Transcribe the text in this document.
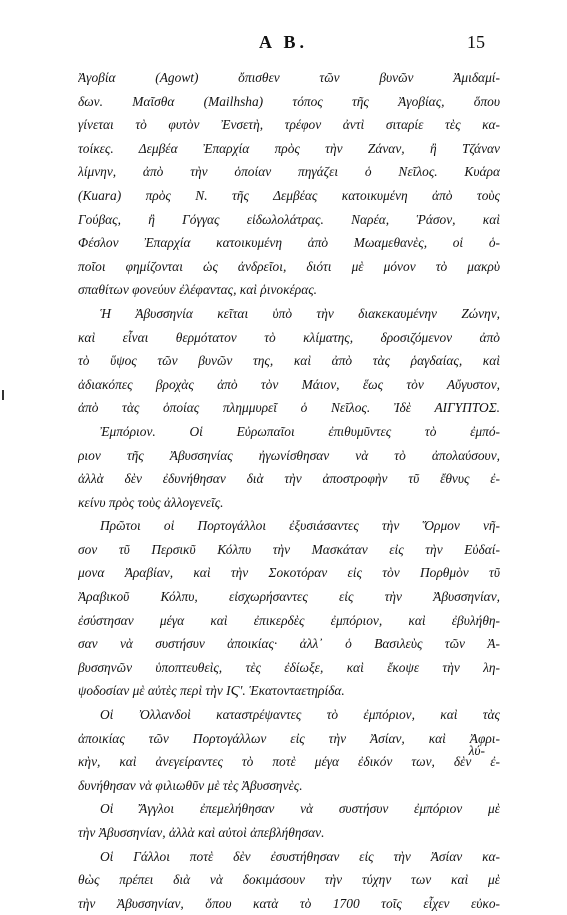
Α Β.	15
Ἀγοβία (Agowt) ὄπισθεν τῶν βυνῶν Ἀμιδαμί-
δων. Μαῖσθα (Mailhsha) τόπος τῆς Ἀγοβίας, ὅπου
γίνεται τὸ φυτὸν Ἐνσετὴ, τρέφον ἀντὶ σιταρίε τὲς κα-
τοίκες. Δεμβέα Ἐπαρχία πρὸς τὴν Ζάναν, ἢ Τζάναν
λίμνην, ἀπὸ τὴν ὁποίαν πηγάζει ὁ Νεῖλος. Κυάρα
(Kuara) πρὸς Ν. τῆς Δεμβέας κατοικυμένη ἀπὸ τοὺς
Γούβας, ἢ Γόγγας εἰδωλολάτρας. Ναρέα, Ῥάσον, καὶ
Φέσλον Ἐπαρχία κατοικυμένη ἀπὸ Μωαμεθανὲς, οἱ ὁ-
ποῖοι φημίζονται ὡς ἀνδρεῖοι, διότι μὲ μόνον τὸ μακρὺ
σπαθίτων φονεύυν ἐλέφαντας, καὶ ῥινοκέρας.
Ἡ Ἀβυσσηνία κεῖται ὑπὸ τὴν διακεκαυμένην Ζώνην,
καὶ εἶναι θερμότατον τὸ κλίματης, δροσιζόμενον ἀπὸ
τὸ ὕψος τῶν βυνῶν της, καὶ ἀπὸ τὰς ῥαγδαίας, καὶ
ἀδιακόπες βροχὰς ἀπὸ τὸν Μάιον, ἕως τὸν Αὔγυστον,
ἀπὸ τὰς ὁποίας πλημμυρεῖ ὁ Νεῖλος. Ἰδὲ ΑΙΓΥΠΤΟΣ.
Ἐμπόριον. Οἱ Εὐρωπαῖοι ἐπιθυμῦντες τὸ ἐμπό-
ριον τῆς Ἀβυσσηνίας ἠγωνίσθησαν νὰ τὸ ἀπολαύσουν,
ἀλλὰ δὲν ἐδυνήθησαν διὰ τὴν ἀποστροφὴν τῦ ἔθνυς ἐ-
κείνυ πρὸς τοὺς ἀλλογενεῖς.
Πρῶτοι οἱ Πορτογάλλοι ἐξυσιάσαντες τὴν Ὅρμον νῆ-
σον τῦ Περσικῦ Κόλπυ τὴν Μασκάταν εἰς τὴν Εὐδαί-
μονα Ἀραβίαν, καὶ τὴν Σοκοτόραν εἰς τὸν Πορθμὸν τῦ
Ἀραβικοῦ Κόλπυ, εἰσχωρήσαντες εἰς τὴν Ἀβυσσηνίαν,
ἐσύστησαν μέγα καὶ ἐπικερδὲς ἐμπόριον, καὶ ἐβυλήθη-
σαν νὰ συστήσυν ἀποικίας· ἀλλ᾿ ὁ Βασιλεὺς τῶν Ἀ-
βυσσηνῶν ὑποπτευθεὶς, τὲς ἐδίωξε, καὶ ἔκοψε τὴν λη-
ψοδοσίαν μὲ αὐτὲς περὶ τὴν ΙϚ'. Ἑκατονταετηρίδα.
Οἱ Ὀλλανδοὶ καταστρέψαντες τὸ ἐμπόριον, καὶ τὰς
ἀποικίας τῶν Πορτογάλλων εἰς τὴν Ἀσίαν, καὶ Ἀφρι-
κὴν, καὶ ἀνεγείραντες τὸ ποτὲ μέγα ἐδικόν των, δὲν ἐ-
δυνήθησαν νὰ φιλιωθῦν μὲ τὲς Ἀβυσσηνὲς.
Οἱ Ἄγγλοι ἐπεμελήθησαν νὰ συστήσυν ἐμπόριον μὲ
τὴν Ἀβυσσηνίαν, ἀλλὰ καὶ αὐτοὶ ἀπεβλήθησαν.
Οἱ Γάλλοι ποτὲ δὲν ἐσυστήθησαν εἰς τὴν Ἀσίαν κα-
θὼς πρέπει διὰ νὰ δοκιμάσουν τὴν τύχην των καὶ μὲ
τὴν Ἀβυσσηνίαν, ὅπου κατὰ τὸ 1700 τοῖς εἶχεν εὐκο-
λύ-
